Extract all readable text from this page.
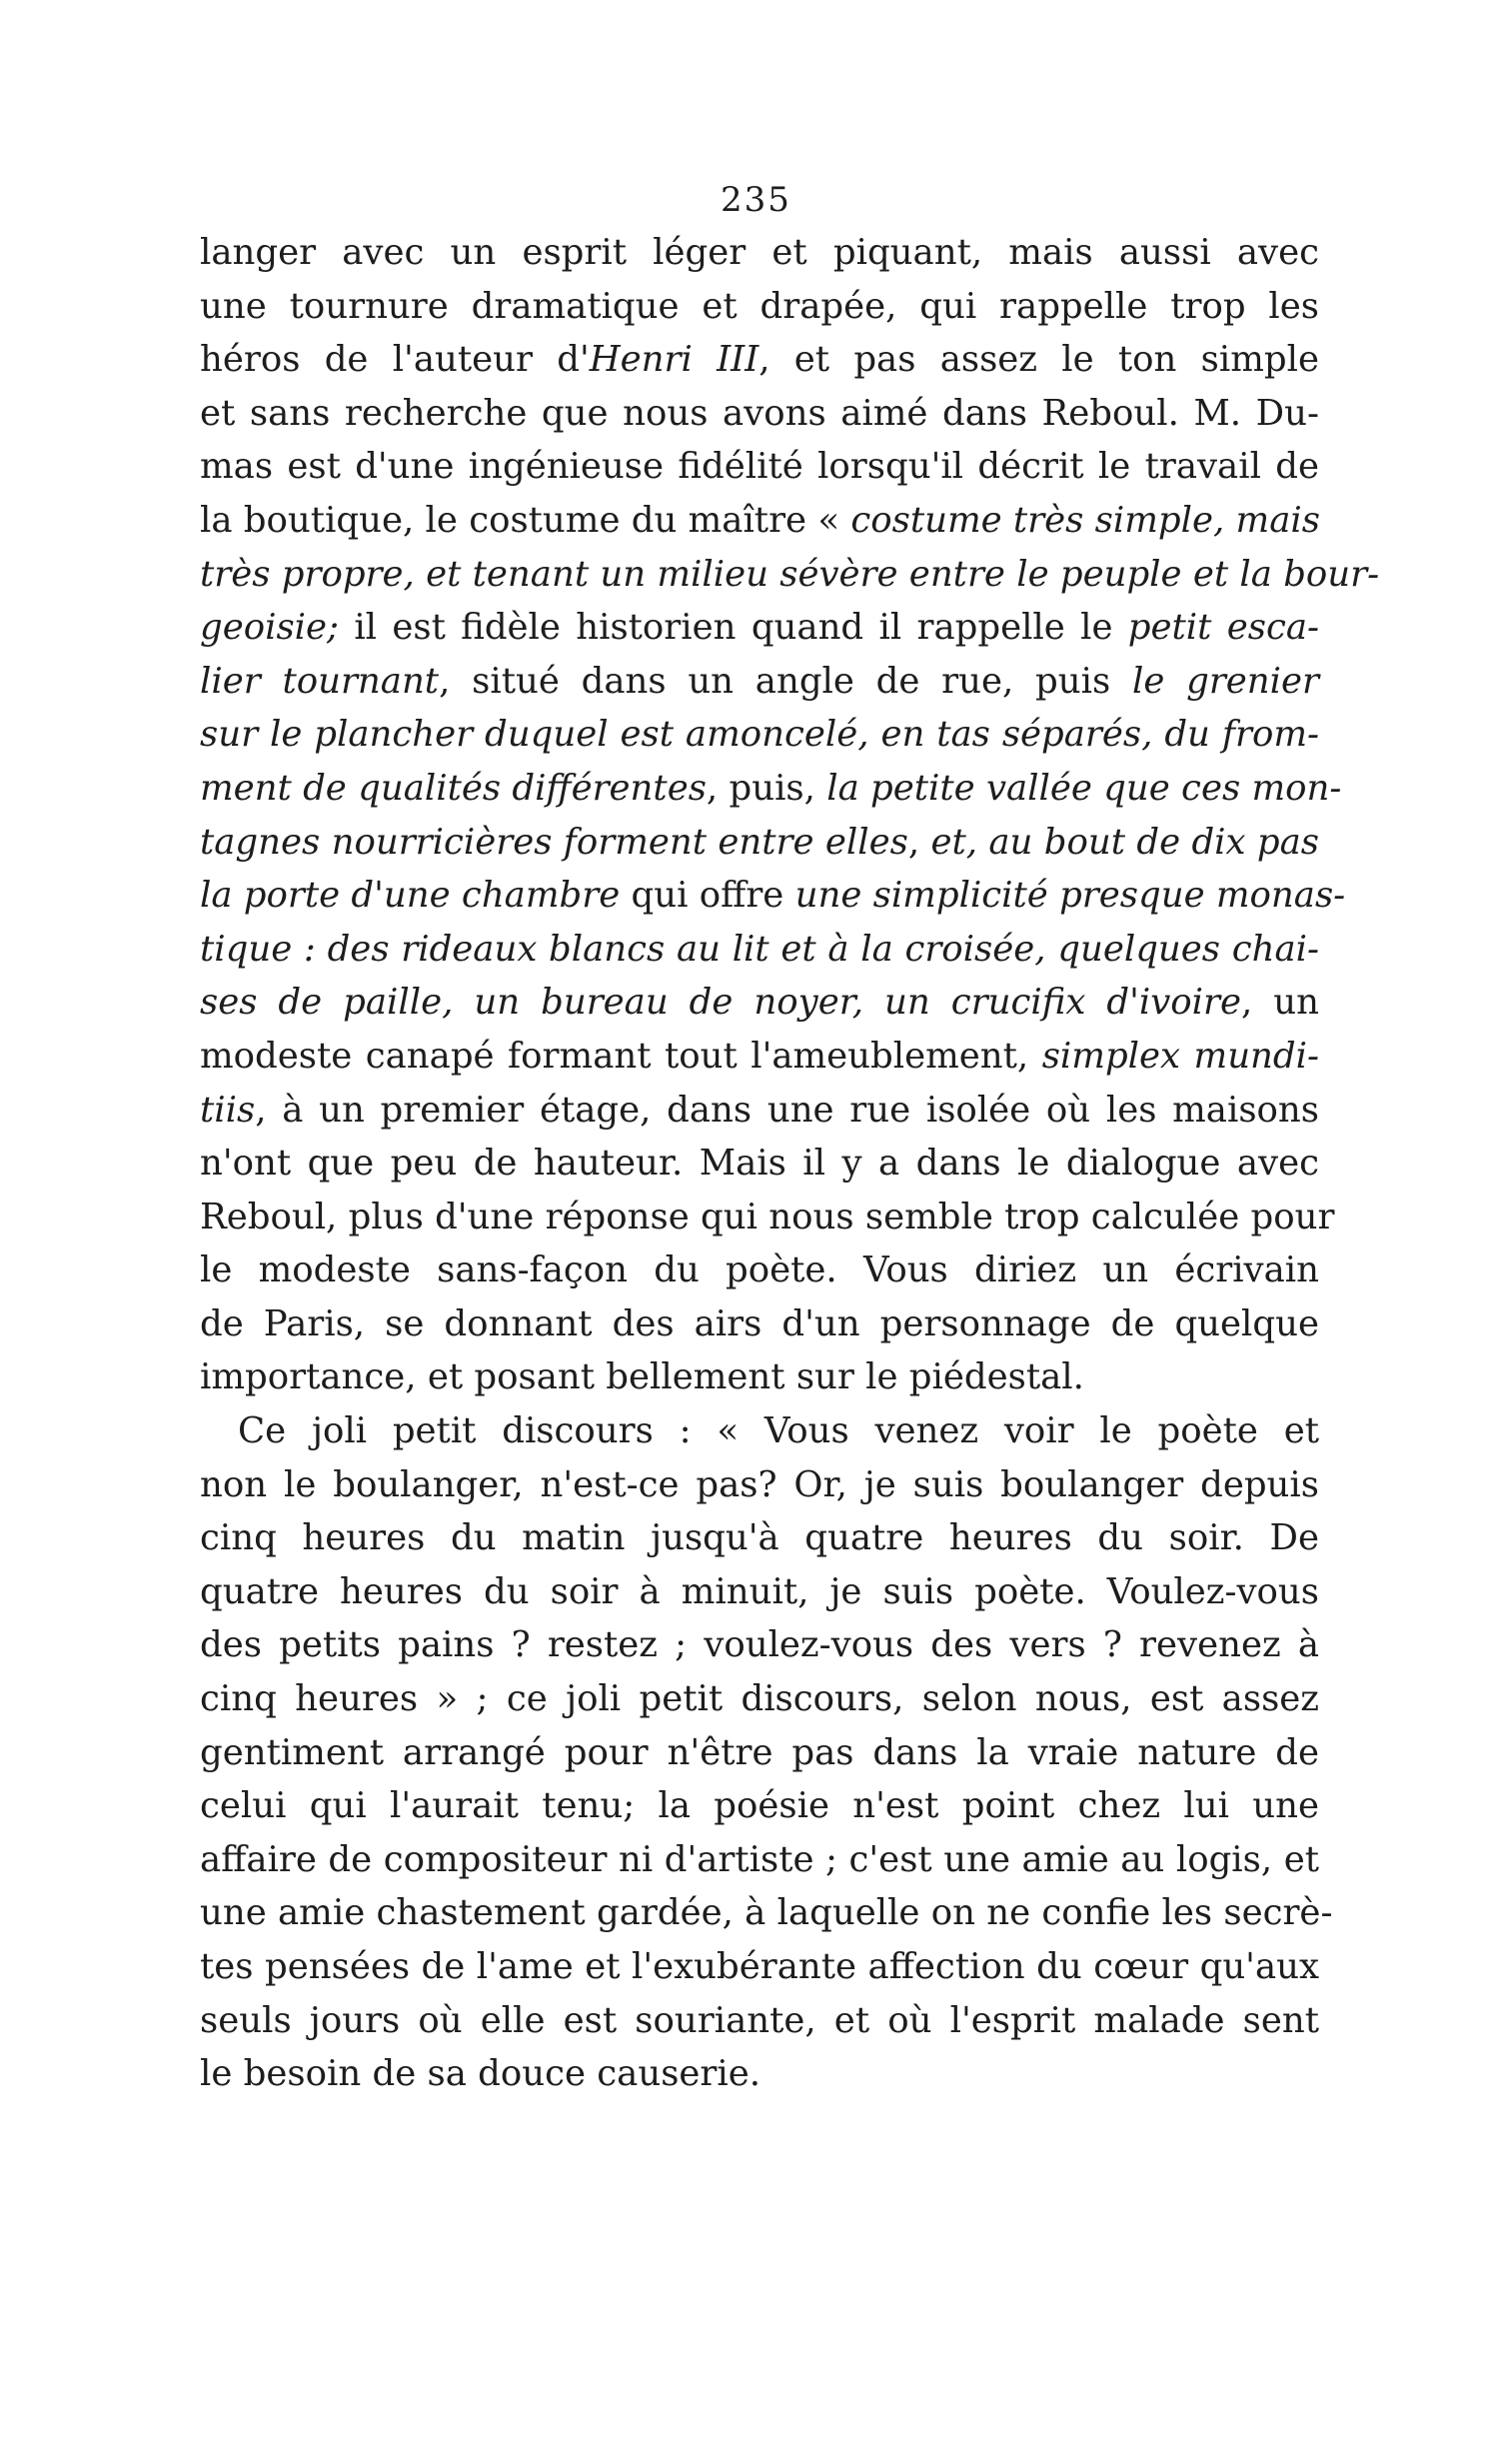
235
langer avec un esprit léger et piquant, mais aussi avec
une tournure dramatique et drapée, qui rappelle trop les
héros de l'auteur d'Henri III, et pas assez le ton simple
et sans recherche que nous avons aimé dans Reboul. M. Du-
mas est d'une ingénieuse fidélité lorsqu'il décrit le travail de
la boutique, le costume du maître « costume très simple, mais
très propre, et tenant un milieu sévère entre le peuple et la bour-
geoisie; il est fidèle historien quand il rappelle le petit esca-
lier tournant, situé dans un angle de rue, puis le grenier
sur le plancher duquel est amoncelé, en tas séparés, du from-
ment de qualités différentes, puis, la petite vallée que ces mon-
tagnes nourricières forment entre elles, et, au bout de dix pas
la porte d'une chambre qui offre une simplicité presque monas-
tique : des rideaux blancs au lit et à la croisée, quelques chai-
ses de paille, un bureau de noyer, un crucifix d'ivoire, un
modeste canapé formant tout l'ameublement, simplex mundi-
tiis, à un premier étage, dans une rue isolée où les maisons
n'ont que peu de hauteur. Mais il y a dans le dialogue avec
Reboul, plus d'une réponse qui nous semble trop calculée pour
le modeste sans-façon du poète. Vous diriez un écrivain
de Paris, se donnant des airs d'un personnage de quelque
importance, et posant bellement sur le piédestal.
Ce joli petit discours : « Vous venez voir le poète et
non le boulanger, n'est-ce pas? Or, je suis boulanger depuis
cinq heures du matin jusqu'à quatre heures du soir. De
quatre heures du soir à minuit, je suis poète. Voulez-vous
des petits pains ? restez ; voulez-vous des vers ? revenez à
cinq heures » ; ce joli petit discours, selon nous, est assez
gentiment arrangé pour n'être pas dans la vraie nature de
celui qui l'aurait tenu; la poésie n'est point chez lui une
affaire de compositeur ni d'artiste ; c'est une amie au logis, et
une amie chastement gardée, à laquelle on ne confie les secrè-
tes pensées de l'ame et l'exubérante affection du cœur qu'aux
seuls jours où elle est souriante, et où l'esprit malade sent
le besoin de sa douce causerie.
